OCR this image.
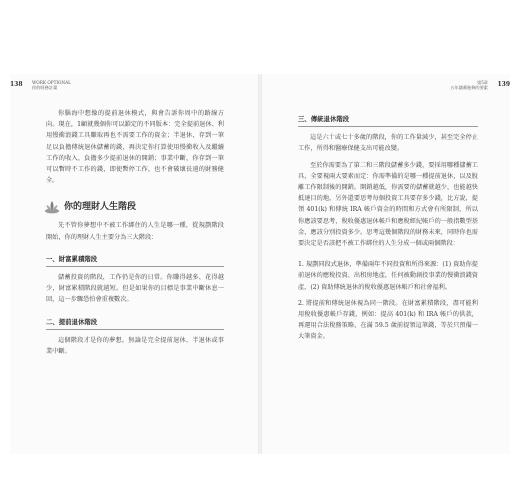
138 WORK OPTIONAL
你的財務計畫

你腦海中想像的提前退休模式，與會告訴你周中的路線方向。現在，1顧就幾個你可以鎖定的不同版本：完全提前退休、利用慢衝浪錢工具賺取再也不需要工作的資金；半退休，存到一筆足以負擔傳統退休儲蓄的錢，再決定你打算使用慢衝收入及繼續工作的收入，負擔多少提前退休的開銷；事業中斷，你存到一筆可以暫時不工作的錢，即使暫停工作，也不會破壞長遠的財務健全。

你的理財人生階段

先不管你夢想中不被工作綁住的人生是哪一種，從規劃階段開始，你的理財人生主要分為三大階段：

一、財富累積階段

儲蓄投資的階段，工作仍是你的日常。你賺得越多、花得越少，財富累積階段就越短。但是如果你的目標是事業中斷休息一回，這一步驟恐怕會重複數次。

二、提前退休階段

這個階段才是你的夢想。無論是完全提前退休、半退休或事業中斷。

139
第5章
五年儲蓄進修的要素
三、傳統退休階段

這是六十或七十多歲的階段，你的工作量減少，甚至完全停止工作，所得和醫療保健支出可能改變。

至於你需要為了第二和三階段儲蓄多少錢，要採用哪種儲蓄工具，全要視兩大要素而定：你需準備的是哪一種提前退休，以及脫離工作限制後的開銷。開銷越低，你需要的儲蓄就越少，也能越快抵達目的地。另外還要思考每個投資工具要存多少錢，比方說，提領 401(k) 和傳統 IRA 帳戶資金的時間和方式會有所限制，所以你應該要思考，稅收優惠退休帳戶和應稅經紀帳戶的一般指數型基金，應該分別投資多少。思考這幾個階段的財務未來，同時你也需要決定是否該把不被工作綁住的人生分成一個或兩個階段：

1. 規劃同段式退休，準備兩年不同投資和所得來源：(1) 資助你提前退休的應稅投資、出租房地產，任何被動創投事業的慢衝浪錢資產，(2) 資助傳統退休的稅收優惠退休帳戶和社會福利。

2. 將提前和傳統退休視為同一階段。在財富累積階段，盡可能利用稅收優惠帳戶存錢，例如：提高 401(k) 和 IRA 帳戶的供款，再運用合法稅務策略，在滿 59.5 歲前提領這筆錢，等於只預備一大筆資金。
